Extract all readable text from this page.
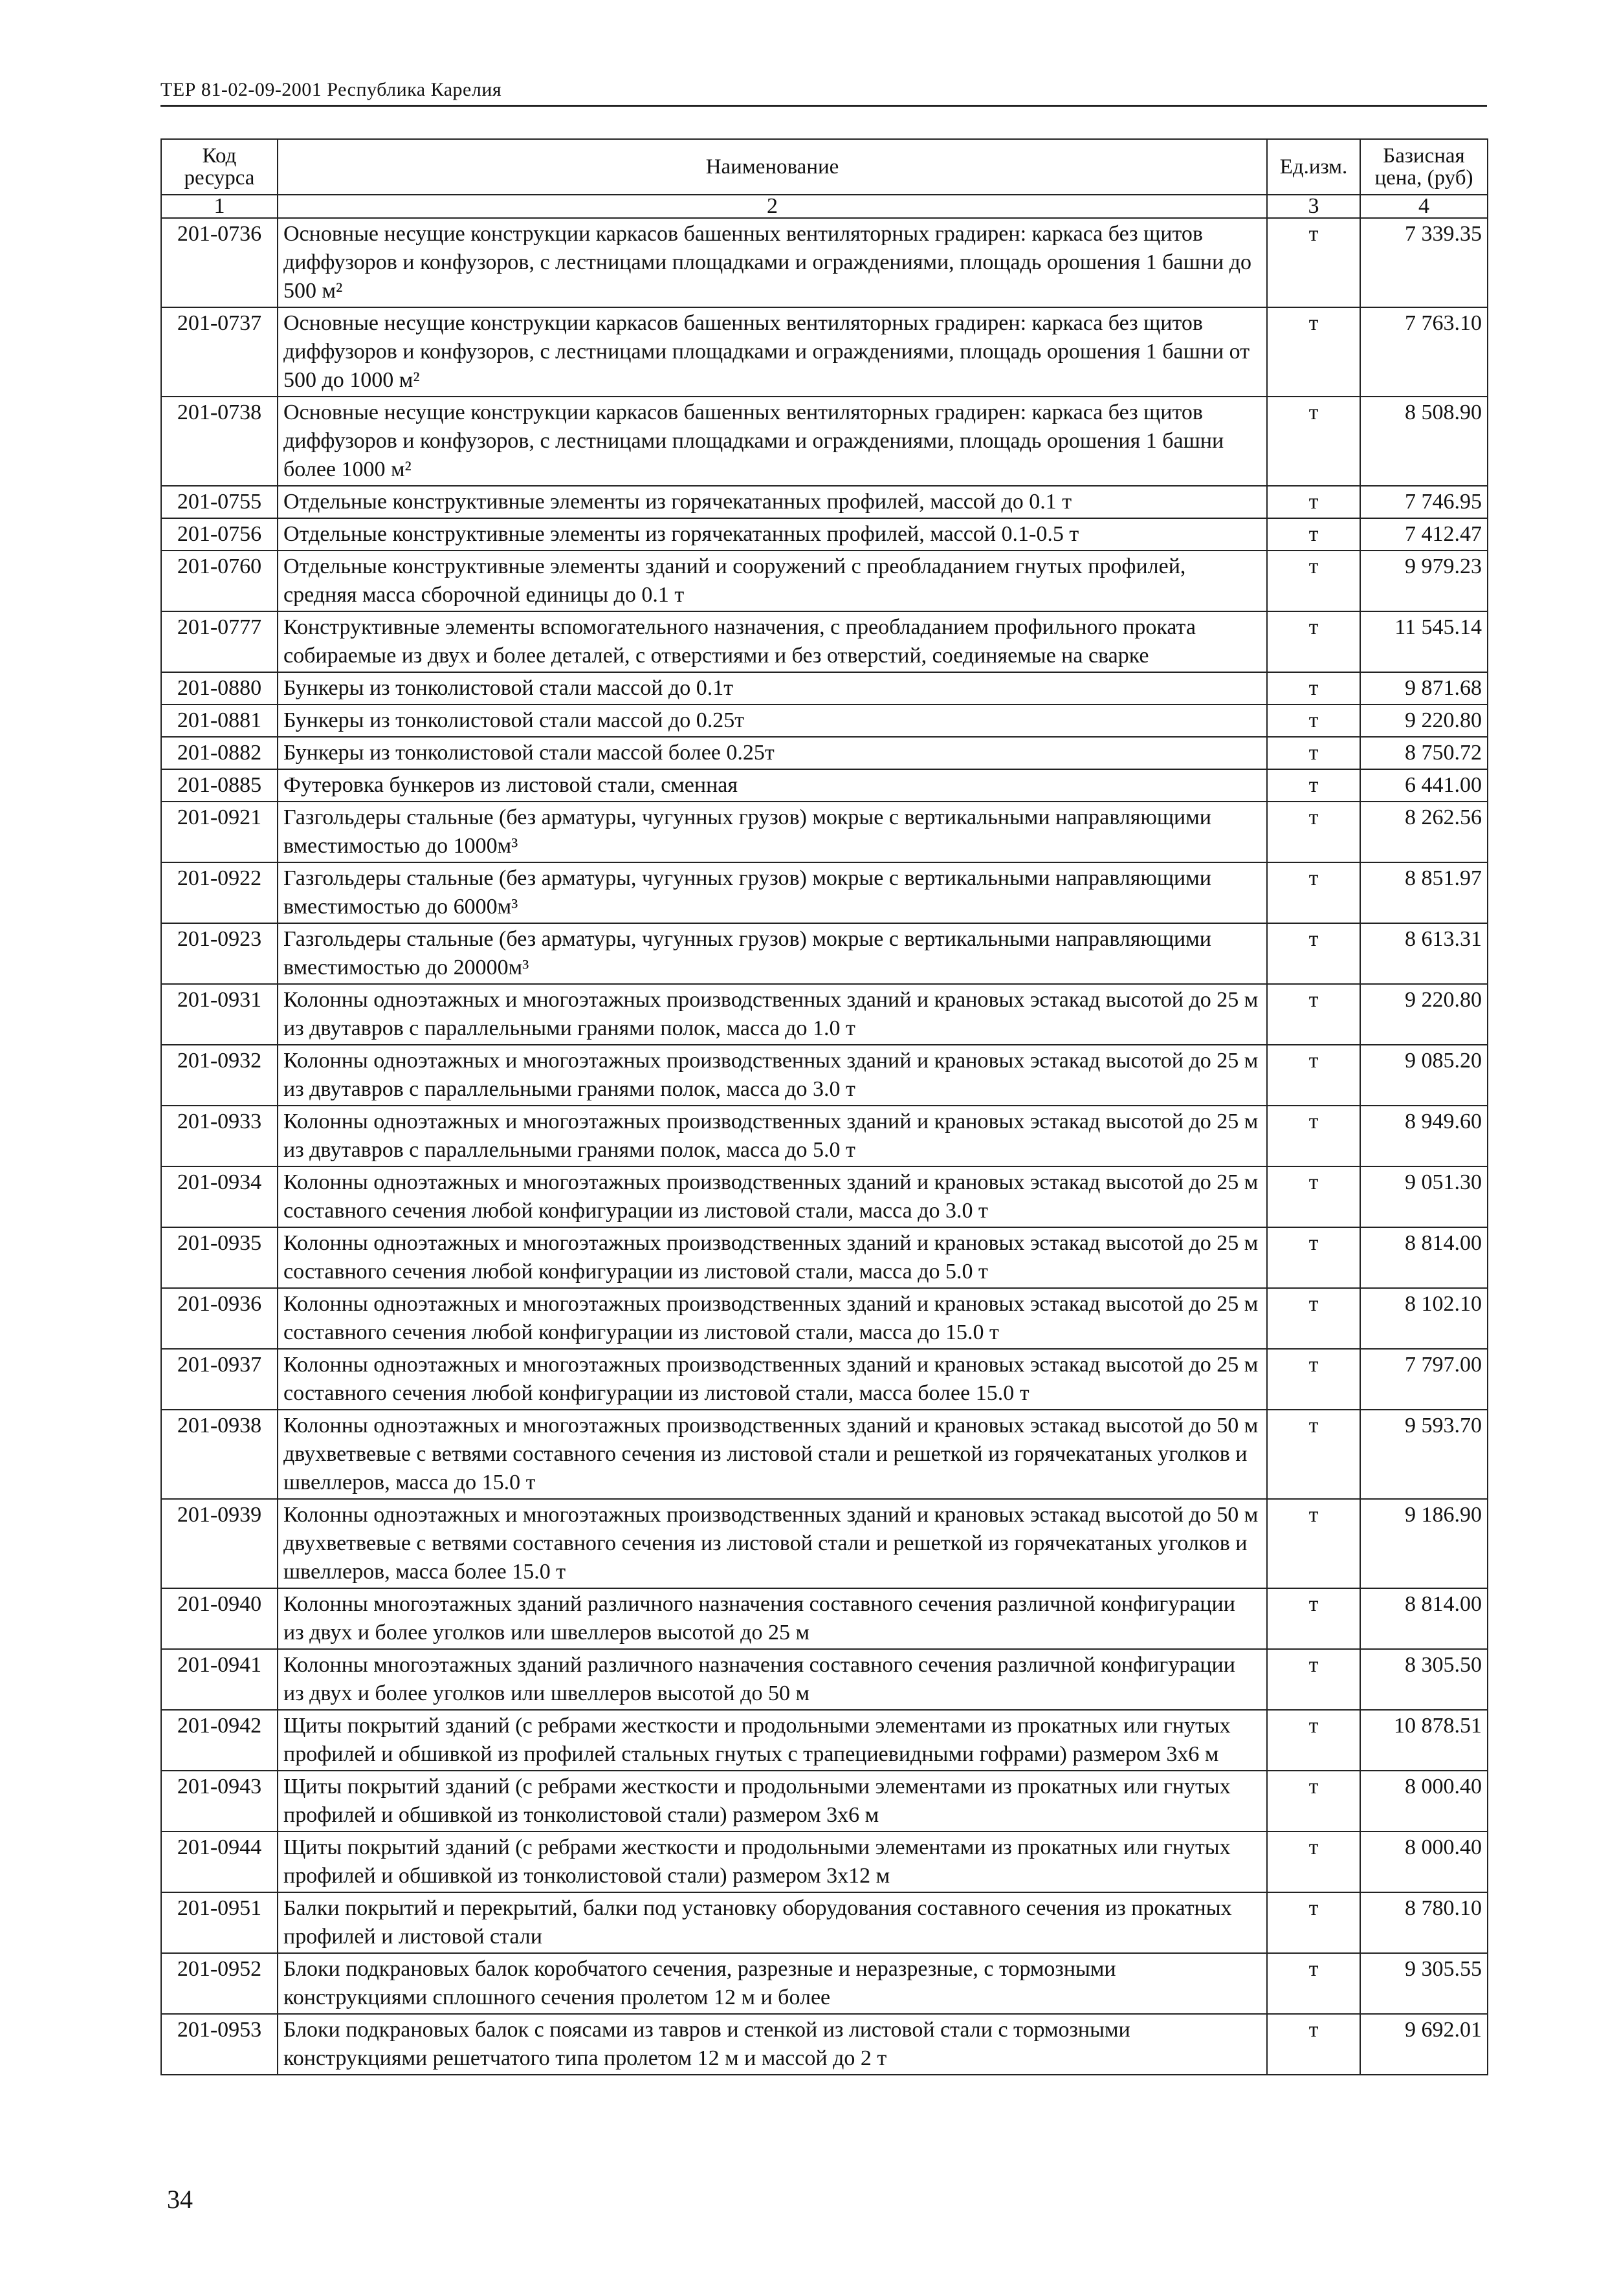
ТЕР 81-02-09-2001 Республика Карелия
Код ресурса	Наименование	Ед.изм.	Базисная цена, (руб)
1	2	3	4
201-0736	Основные несущие конструкции каркасов башенных вентиляторных градирен: каркаса без щитов диффузоров и конфузоров, с лестницами площадками и ограждениями, площадь орошения 1 башни до 500 м²	т	7 339.35
201-0737	Основные несущие конструкции каркасов башенных вентиляторных градирен: каркаса без щитов диффузоров и конфузоров, с лестницами площадками и ограждениями, площадь орошения 1 башни от 500 до 1000 м²	т	7 763.10
201-0738	Основные несущие конструкции каркасов башенных вентиляторных градирен: каркаса без щитов диффузоров и конфузоров, с лестницами площадками и ограждениями, площадь орошения 1 башни более 1000 м²	т	8 508.90
201-0755	Отдельные конструктивные элементы из горячекатанных профилей, массой до 0.1 т	т	7 746.95
201-0756	Отдельные конструктивные элементы из горячекатанных профилей, массой 0.1-0.5 т	т	7 412.47
201-0760	Отдельные конструктивные элементы зданий и сооружений с преобладанием гнутых профилей, средняя масса сборочной единицы до 0.1 т	т	9 979.23
201-0777	Конструктивные элементы вспомогательного назначения, с преобладанием профильного проката собираемые из двух и более деталей, с отверстиями и без отверстий, соединяемые на сварке	т	11 545.14
201-0880	Бункеры из тонколистовой стали массой до 0.1т	т	9 871.68
201-0881	Бункеры из тонколистовой стали массой до 0.25т	т	9 220.80
201-0882	Бункеры из тонколистовой стали массой более 0.25т	т	8 750.72
201-0885	Футеровка бункеров из листовой стали, сменная	т	6 441.00
201-0921	Газгольдеры стальные (без арматуры, чугунных грузов) мокрые с вертикальными направляющими вместимостью до 1000м³	т	8 262.56
201-0922	Газгольдеры стальные (без арматуры, чугунных грузов) мокрые с вертикальными направляющими вместимостью до 6000м³	т	8 851.97
201-0923	Газгольдеры стальные (без арматуры, чугунных грузов) мокрые с вертикальными направляющими вместимостью до 20000м³	т	8 613.31
201-0931	Колонны одноэтажных и многоэтажных производственных зданий и крановых эстакад высотой до 25 м из двутавров с параллельными гранями полок, масса до 1.0 т	т	9 220.80
201-0932	Колонны одноэтажных и многоэтажных производственных зданий и крановых эстакад высотой до 25 м из двутавров с параллельными гранями полок, масса до 3.0 т	т	9 085.20
201-0933	Колонны одноэтажных и многоэтажных производственных зданий и крановых эстакад высотой до 25 м из двутавров с параллельными гранями полок, масса до 5.0 т	т	8 949.60
201-0934	Колонны одноэтажных и многоэтажных производственных зданий и крановых эстакад высотой до 25 м составного сечения любой конфигурации из листовой стали, масса до 3.0 т	т	9 051.30
201-0935	Колонны одноэтажных и многоэтажных производственных зданий и крановых эстакад высотой до 25 м составного сечения любой конфигурации из листовой стали, масса до 5.0 т	т	8 814.00
201-0936	Колонны одноэтажных и многоэтажных производственных зданий и крановых эстакад высотой до 25 м составного сечения любой конфигурации из листовой стали, масса до 15.0 т	т	8 102.10
201-0937	Колонны одноэтажных и многоэтажных производственных зданий и крановых эстакад высотой до 25 м составного сечения любой конфигурации из листовой стали, масса более 15.0 т	т	7 797.00
201-0938	Колонны одноэтажных и многоэтажных производственных зданий и крановых эстакад высотой до 50 м двухветвевые с ветвями составного сечения из листовой стали и решеткой из горячекатаных уголков и швеллеров, масса до 15.0 т	т	9 593.70
201-0939	Колонны одноэтажных и многоэтажных производственных зданий и крановых эстакад высотой до 50 м двухветвевые с ветвями составного сечения из листовой стали и решеткой из горячекатаных уголков и швеллеров, масса более 15.0 т	т	9 186.90
201-0940	Колонны многоэтажных зданий различного назначения составного сечения различной конфигурации из двух и более уголков или швеллеров высотой до 25 м	т	8 814.00
201-0941	Колонны многоэтажных зданий различного назначения составного сечения различной конфигурации из двух и более уголков или швеллеров высотой до 50 м	т	8 305.50
201-0942	Щиты покрытий зданий (с ребрами жесткости и продольными элементами из прокатных или гнутых профилей и обшивкой из профилей стальных гнутых с трапециевидными гофрами) размером 3х6 м	т	10 878.51
201-0943	Щиты покрытий зданий (с ребрами жесткости и продольными элементами из прокатных или гнутых профилей и обшивкой из тонколистовой стали) размером 3х6 м	т	8 000.40
201-0944	Щиты покрытий зданий (с ребрами жесткости и продольными элементами из прокатных или гнутых профилей и обшивкой из тонколистовой стали) размером 3х12 м	т	8 000.40
201-0951	Балки покрытий и перекрытий, балки под установку оборудования составного сечения из прокатных профилей и листовой стали	т	8 780.10
201-0952	Блоки подкрановых балок коробчатого сечения, разрезные и неразрезные, с тормозными конструкциями сплошного сечения пролетом 12 м и более	т	9 305.55
201-0953	Блоки подкрановых балок с поясами из тавров и стенкой из листовой стали с тормозными конструкциями решетчатого типа пролетом 12 м и массой до 2 т	т	9 692.01
34
